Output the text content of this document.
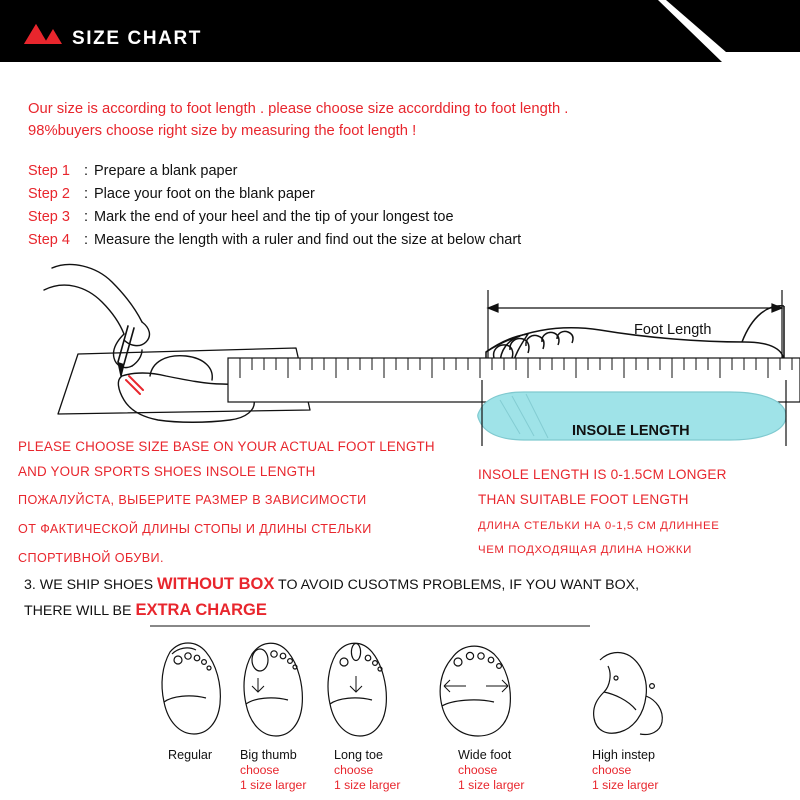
SIZE CHART
Our size is according to foot length . please choose size accordding to foot length .
98%buyers choose right size by measuring the foot length !
Step 1 : Prepare a blank paper
Step 2 : Place your foot on the blank paper
Step 3 : Mark the end of your heel and the tip of your longest toe
Step 4 : Measure the length with a ruler and find out the size at below chart
Foot Length
INSOLE LENGTH
PLEASE CHOOSE SIZE BASE ON YOUR ACTUAL FOOT LENGTH
AND YOUR SPORTS SHOES INSOLE LENGTH
ПОЖАЛУЙСТА, ВЫБЕРИТЕ РАЗМЕР В ЗАВИСИМОСТИ
ОТ ФАКТИЧЕСКОЙ ДЛИНЫ СТОПЫ И ДЛИНЫ СТЕЛЬКИ
СПОРТИВНОЙ ОБУВИ.
INSOLE LENGTH IS 0-1.5CM LONGER
THAN SUITABLE FOOT LENGTH
ДЛИНА СТЕЛЬКИ НА 0-1,5 СМ ДЛИННЕЕ
ЧЕМ ПОДХОДЯЩАЯ ДЛИНА НОЖКИ
3. WE SHIP SHOES WITHOUT BOX TO AVOID CUSOTMS PROBLEMS, IF YOU WANT BOX,
THERE WILL BE EXTRA CHARGE
Regular Big thumb
choose
1 size larger
Long toe
choose
1 size larger
Wide foot
choose
1 size larger
High instep
choose
1 size larger
